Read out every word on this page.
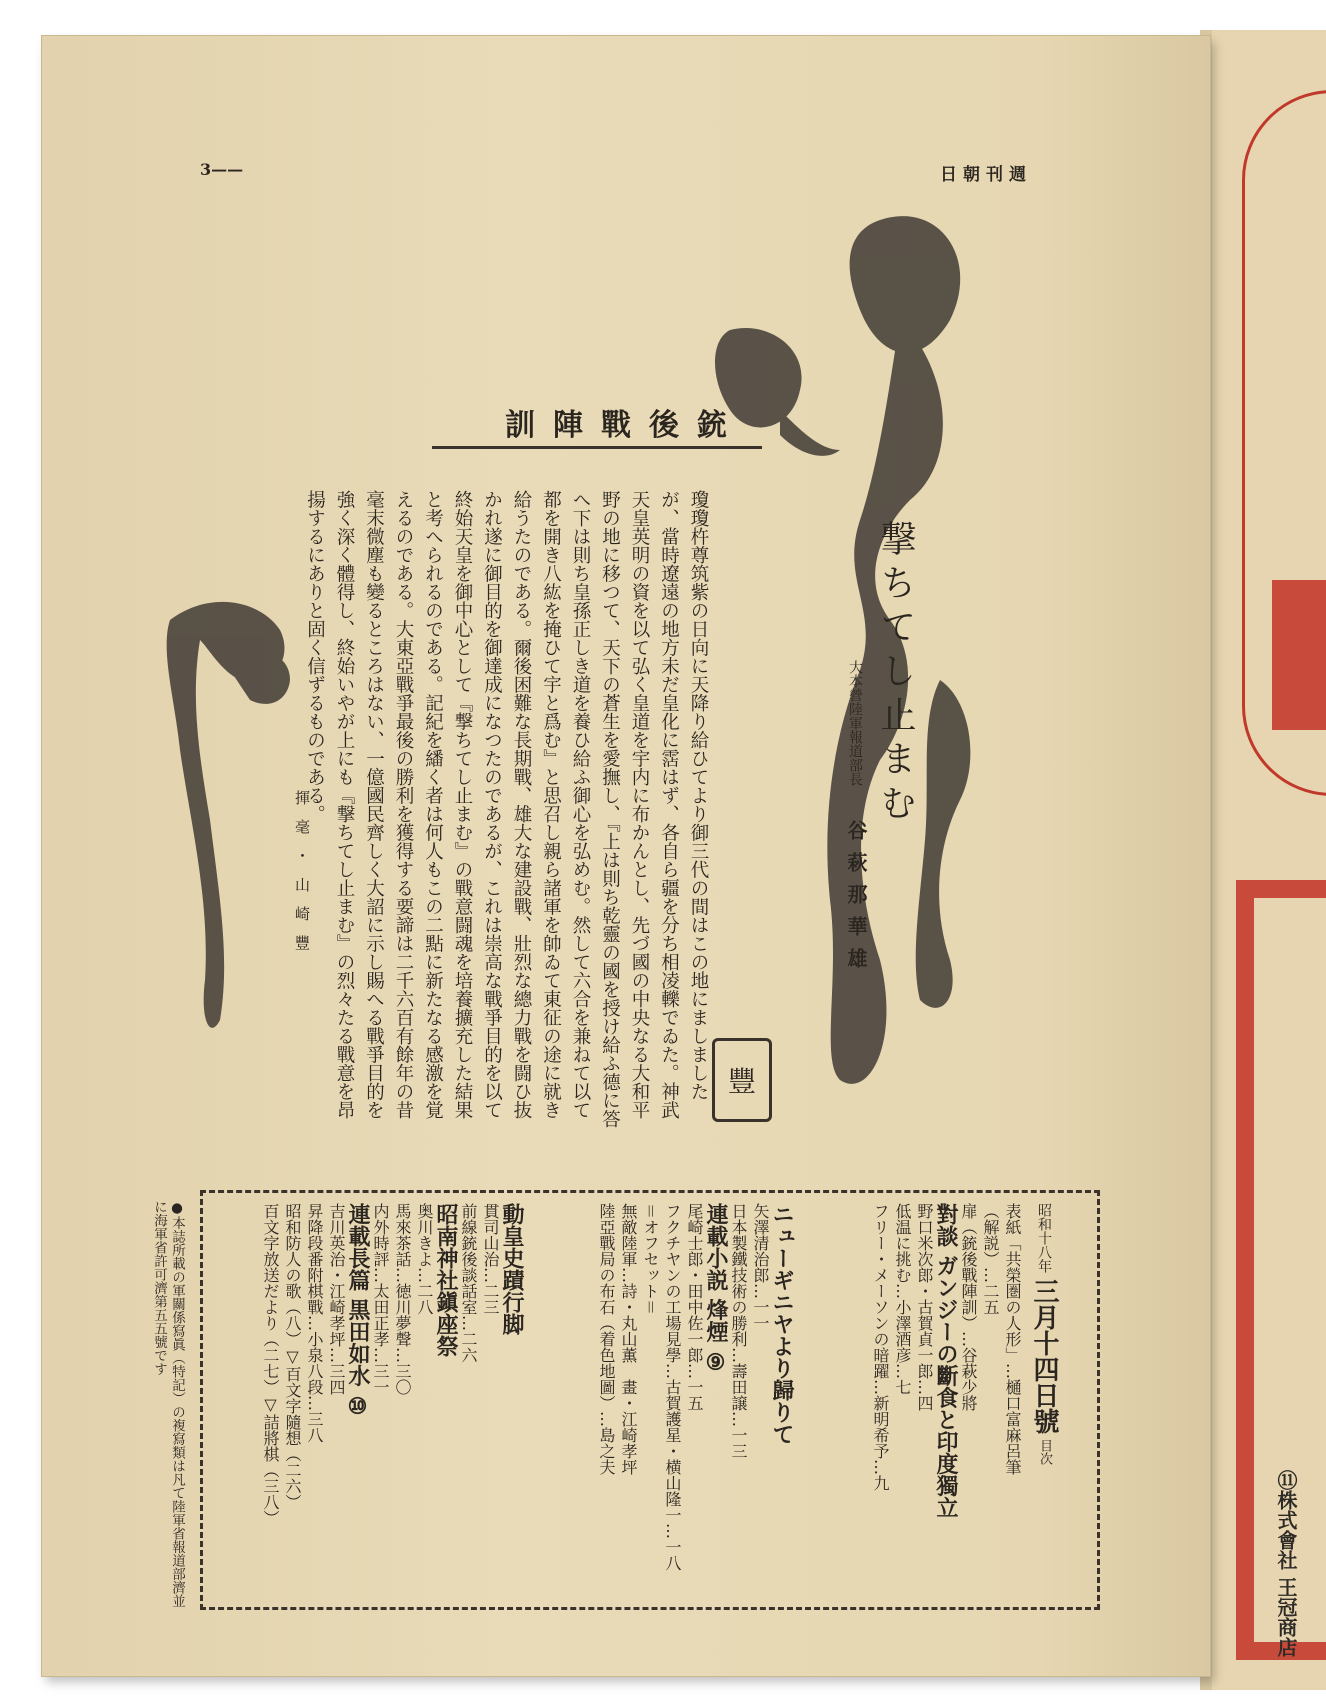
⑪株式會社 王冠商店
3——	週刊朝日
銃後戰陣訓
撃ちてし止まむ
大本營陸軍報道部長
谷萩那華雄
瓊瓊杵尊筑紫の日向に天降り給ひてより御三代の間はこの地にましましたが、當時遼遠の地方未だ皇化に霑はず、各自ら疆を分ち相凌轢でゐた。神武天皇英明の資を以て弘く皇道を宇内に布かんとし、先づ國の中央なる大和平野の地に移つて、天下の蒼生を愛撫し、『上は則ち乾靈の國を授け給ふ德に答へ下は則ち皇孫正しき道を養ひ給ふ御心を弘めむ。然して六合を兼ねて以て都を開き八紘を掩ひて宇と爲む』と思召し親ら諸軍を帥ゐて東征の途に就き給うたのである。爾後困難な長期戰、雄大な建設戰、壯烈な總力戰を闘ひ抜かれ遂に御目的を御達成になつたのであるが、これは崇高な戰爭目的を以て終始天皇を御中心として『撃ちてし止まむ』の戰意闘魂を培養擴充した結果と考へられるのである。記紀を繙く者は何人もこの二點に新たなる感激を覚えるのである。大東亞戰爭最後の勝利を獲得する要諦は二千六百有餘年の昔毫末微塵も變るところはない、一億國民齊しく大詔に示し賜へる戰爭目的を強く深く體得し、終始いやが上にも『撃ちてし止まむ』の烈々たる戰意を昂揚するにありと固く信ずるものである。
揮毫・山崎豐
豐
●本誌所載の軍關係寫眞（特記）の複寫類は凡て陸軍省報道部濟並に海軍省許可濟第五五號です	昭和十八年 三月十四日號 目次
表紙「共榮圏の人形」…樋口富麻呂筆
（解説）…二五
扉（銃後戰陣訓）…谷萩少將
對談 ガンジーの斷食と印度獨立
野口米次郎・古賀貞一郎…四
低温に挑む…小澤酒彦…七
フリー・メーソンの暗躍…新明希予…九
ニューギニヤより歸りて
矢澤清治郎…一一
日本製鐵技術の勝利…壽田譲…一三
連載小説 烽煙 ⑨
尾崎士郎・田中佐一郎…一五
フクチヤンの工場見學…古賀護星・横山隆一…一八
＝オフセット＝
無敵陸軍…詩・丸山薫　畫・江崎孝坪
陸亞戰局の布石（着色地圖）…島之夫
動皇史蹟行脚
貫司山治…二三
前線銃後談話室…二六
昭南神社鎭座祭
奥川きよ…二八
馬來茶話…徳川夢聲…三〇
内外時評…太田正孝…三一
連載長篇 黒田如水 ⑩
吉川英治・江崎孝坪…三四
昇降段番附棋戰…小泉八段…三八
昭和防人の歌（八）▽百文字隨想（二六）
百文字放送だより（二七）▽詰將棋（三八）
